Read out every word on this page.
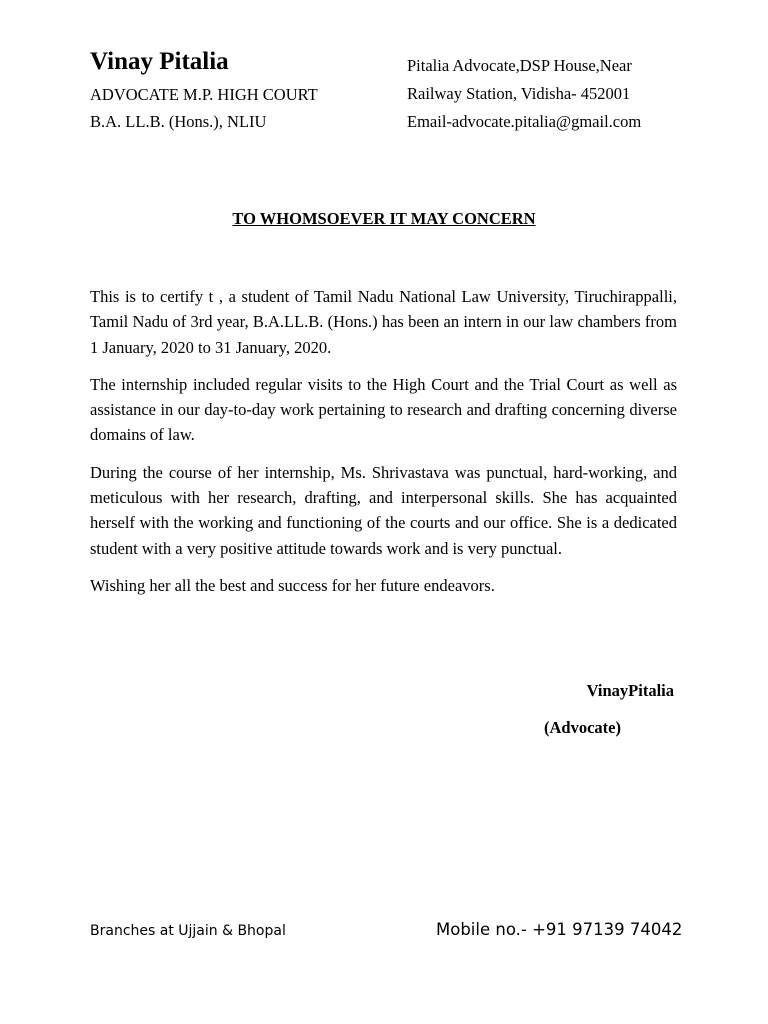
Vinay Pitalia
ADVOCATE M.P. HIGH COURT
B.A. LL.B. (Hons.), NLIU
Pitalia Advocate,DSP House,Near
Railway Station, Vidisha- 452001
Email-advocate.pitalia@gmail.com
TO WHOMSOEVER IT MAY CONCERN

This is to certify t , a student of Tamil Nadu National Law University, Tiruchirappalli, Tamil Nadu of 3rd year, B.A.LL.B. (Hons.) has been an intern in our law chambers from 1 January, 2020 to 31 January, 2020.

The internship included regular visits to the High Court and the Trial Court as well as assistance in our day-to-day work pertaining to research and drafting concerning diverse domains of law.

During the course of her internship, Ms. Shrivastava was punctual, hard-working, and meticulous with her research, drafting, and interpersonal skills. She has acquainted herself with the working and functioning of the courts and our office. She is a dedicated student with a very positive attitude towards work and is very punctual.

Wishing her all the best and success for her future endeavors.

VinayPitalia
(Advocate)
Branches at Ujjain & Bhopal	Mobile no.- +91 97139 74042
